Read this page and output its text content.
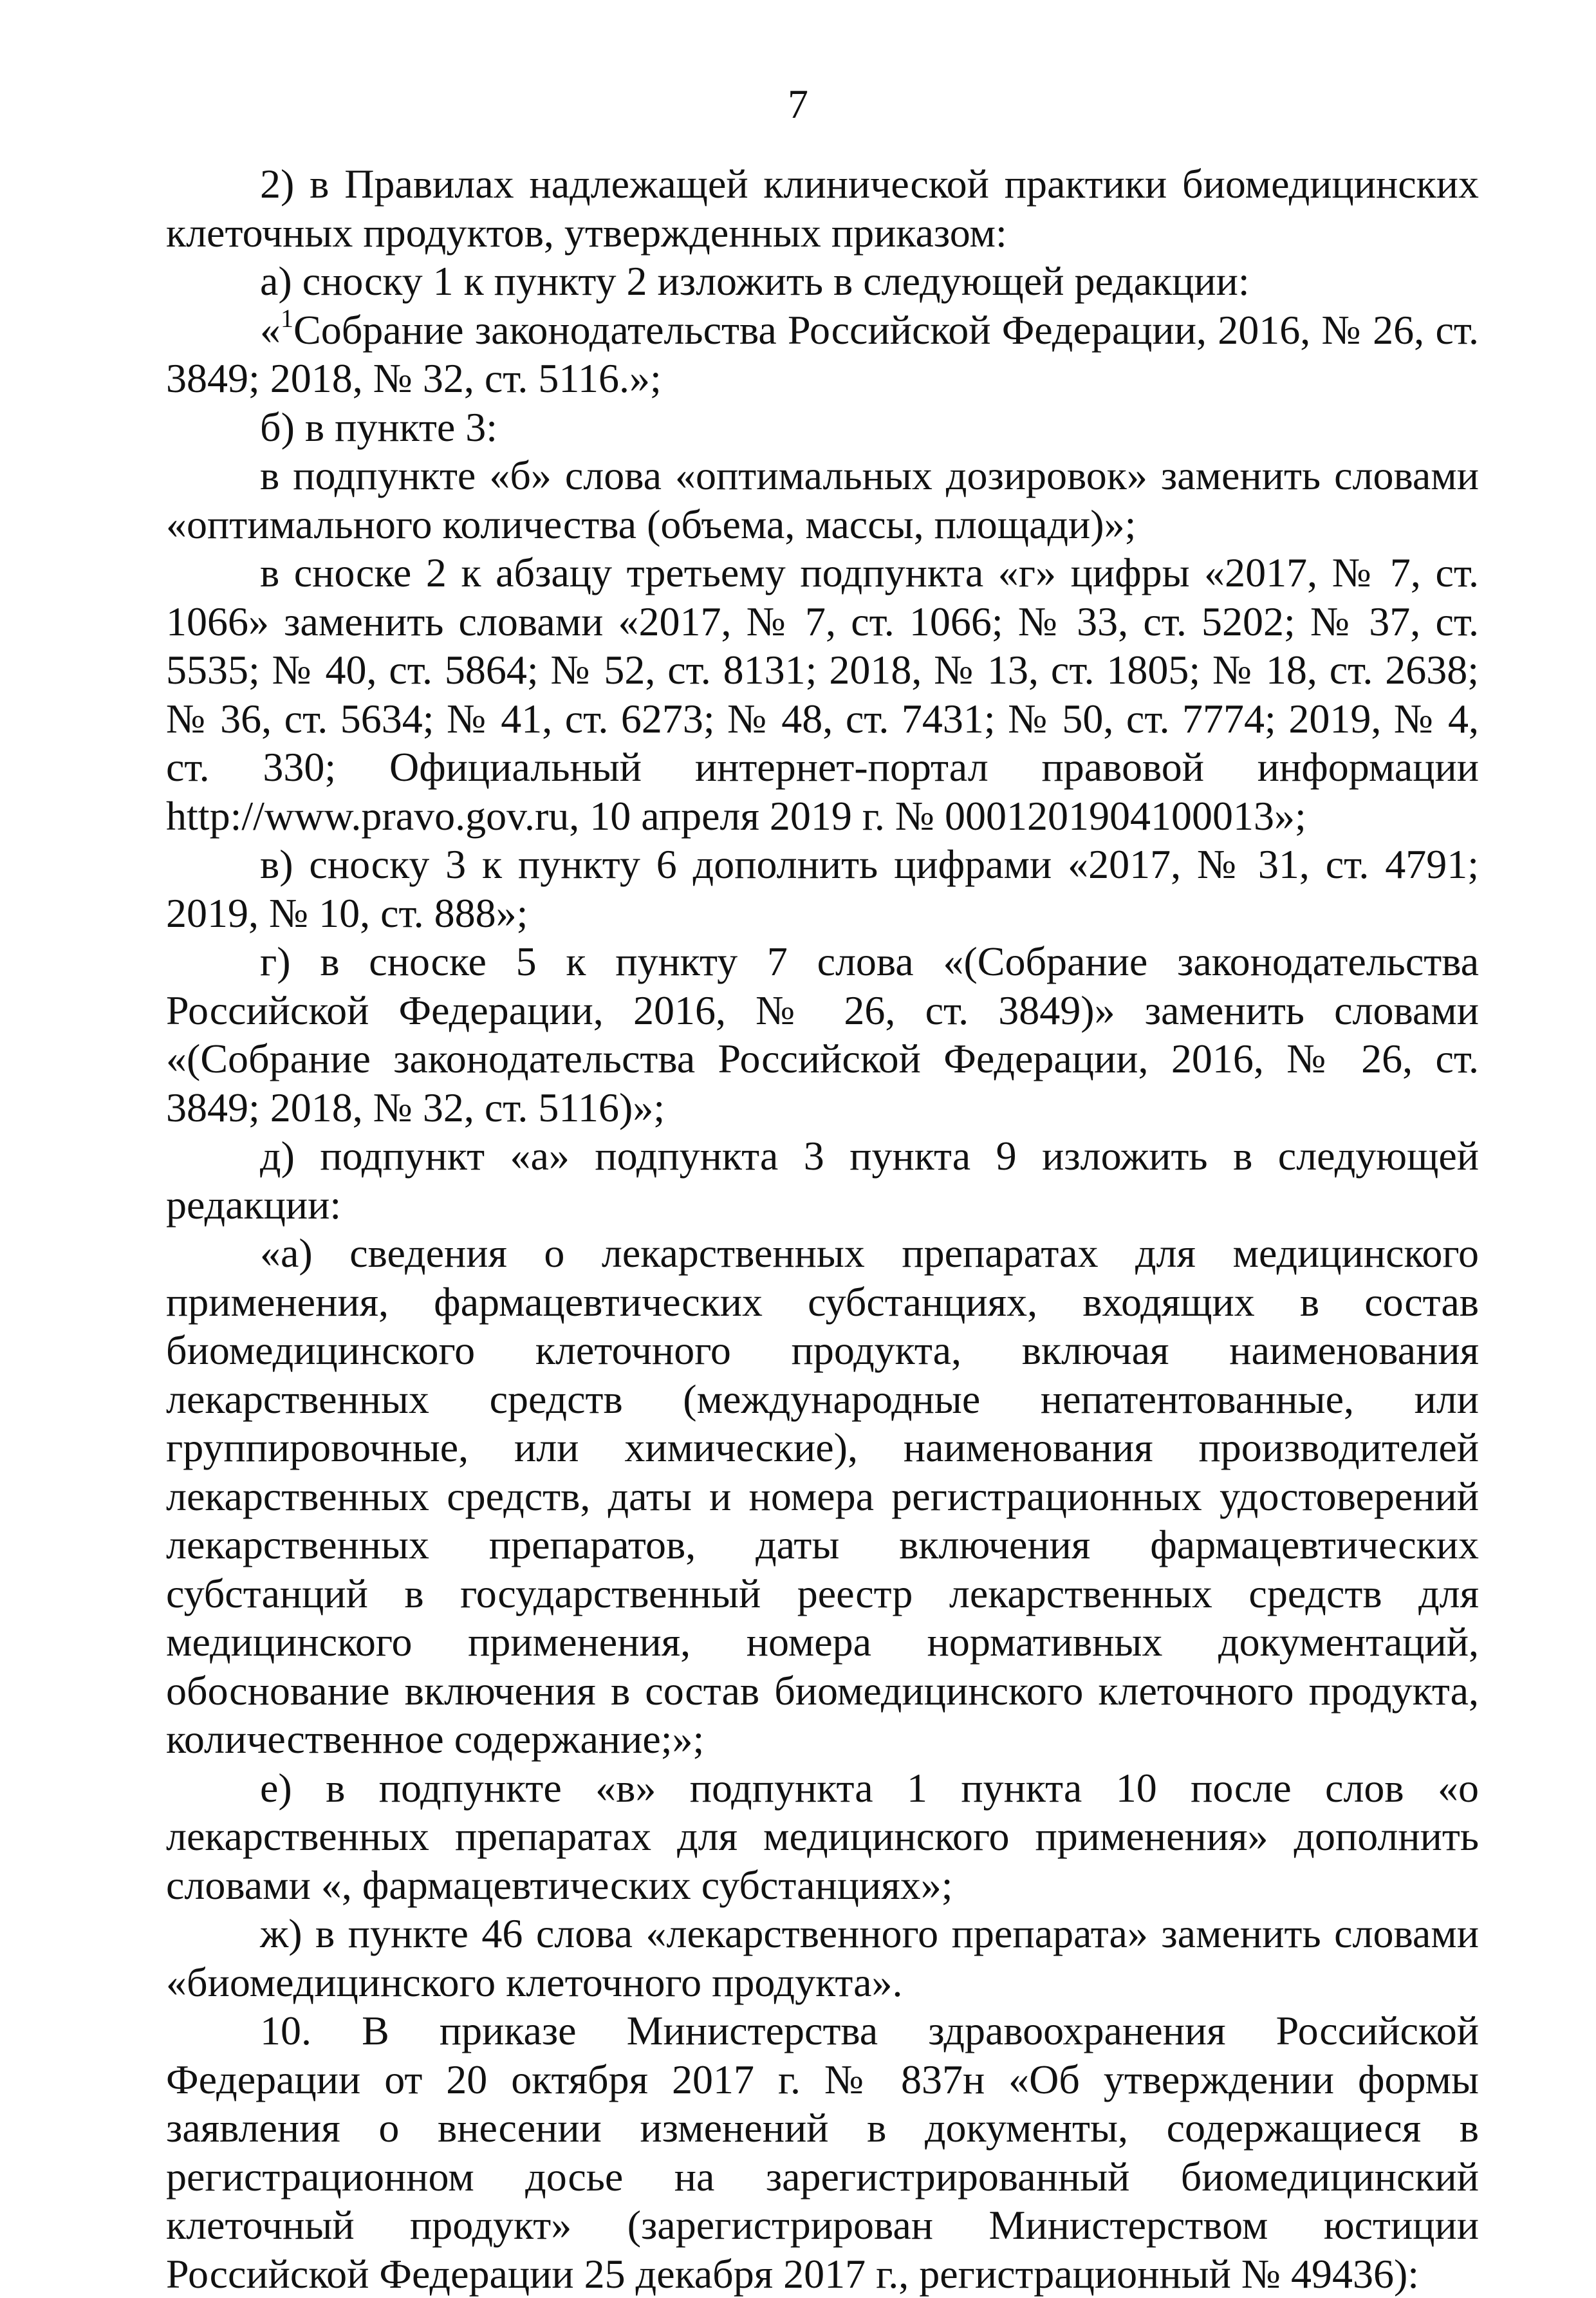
7

2) в Правилах надлежащей клинической практики биомедицинских клеточных продуктов, утвержденных приказом:

а) сноску 1 к пункту 2 изложить в следующей редакции:

«$^1$Собрание законодательства Российской Федерации, 2016, № 26, ст. 3849; 2018, № 32, ст. 5116.»;

б) в пункте 3:

в подпункте «б» слова «оптимальных дозировок» заменить словами «оптимального количества (объема, массы, площади)»;

в сноске 2 к абзацу третьему подпункта «г» цифры «2017, № 7, ст. 1066» заменить словами «2017, № 7, ст. 1066; № 33, ст. 5202; № 37, ст. 5535; № 40, ст. 5864; № 52, ст. 8131; 2018, № 13, ст. 1805; № 18, ст. 2638; № 36, ст. 5634; № 41, ст. 6273; № 48, ст. 7431; № 50, ст. 7774; 2019, № 4, ст. 330; Официальный интернет-портал правовой информации http://www.pravo.gov.ru, 10 апреля 2019 г. № 0001201904100013»;

в) сноску 3 к пункту 6 дополнить цифрами «2017, № 31, ст. 4791; 2019, № 10, ст. 888»;

г) в сноске 5 к пункту 7 слова «(Собрание законодательства Российской Федерации, 2016, № 26, ст. 3849)» заменить словами «(Собрание законодательства Российской Федерации, 2016, № 26, ст. 3849; 2018, № 32, ст. 5116)»;

д) подпункт «а» подпункта 3 пункта 9 изложить в следующей редакции:

«а) сведения о лекарственных препаратах для медицинского применения, фармацевтических субстанциях, входящих в состав биомедицинского клеточного продукта, включая наименования лекарственных средств (международные непатентованные, или группировочные, или химические), наименования производителей лекарственных средств, даты и номера регистрационных удостоверений лекарственных препаратов, даты включения фармацевтических субстанций в государственный реестр лекарственных средств для медицинского применения, номера нормативных документаций, обоснование включения в состав биомедицинского клеточного продукта, количественное содержание;»;

е) в подпункте «в» подпункта 1 пункта 10 после слов «о лекарственных препаратах для медицинского применения» дополнить словами «, фармацевтических субстанциях»;

ж) в пункте 46 слова «лекарственного препарата» заменить словами «биомедицинского клеточного продукта».

10. В приказе Министерства здравоохранения Российской Федерации от 20 октября 2017 г. № 837н «Об утверждении формы заявления о внесении изменений в документы, содержащиеся в регистрационном досье на зарегистрированный биомедицинский клеточный продукт» (зарегистрирован Министерством юстиции Российской Федерации 25 декабря 2017 г., регистрационный № 49436):
